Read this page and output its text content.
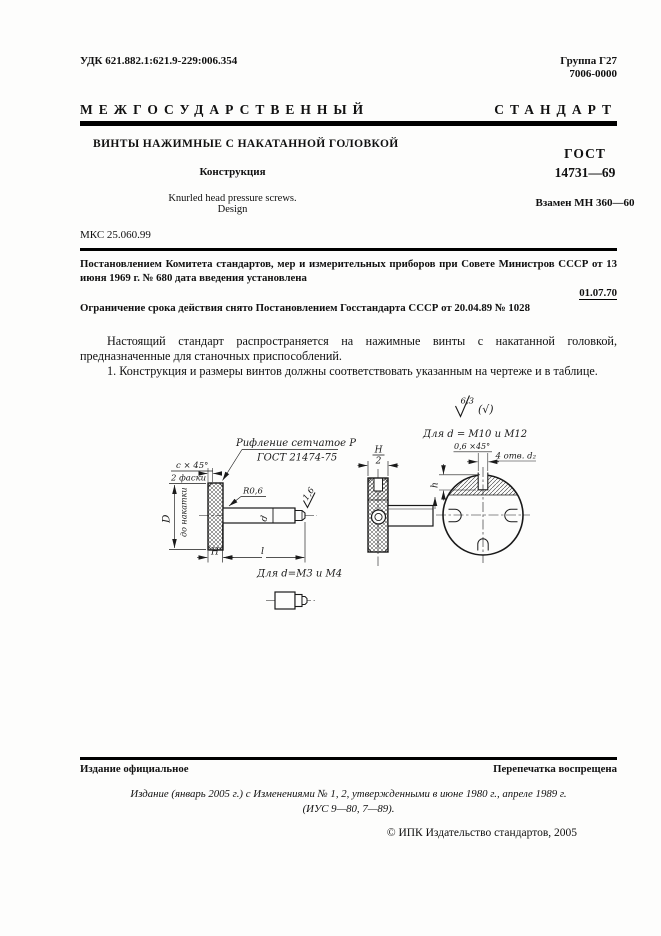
УДК 621.882.1:621.9-229:006.354	Группа Г27
7006-0000
МЕЖГОСУДАРСТВЕННЫЙ	СТАНДАРТ
ВИНТЫ НАЖИМНЫЕ С НАКАТАННОЙ ГОЛОВКОЙ
Конструкция
Knurled head pressure screws.
Design
ГОСТ
14731—69
Взамен МН 360—60
МКС 25.060.99

Постановлением Комитета стандартов, мер и измерительных приборов при Совете Министров СССР от 13 июня 1969 г. № 680 дата введения установлена

01.07.70

Ограничение срока действия снято Постановлением Госстандарта СССР от 20.04.89 № 1028

Настоящий стандарт распространяется на нажимные винты с накатанной головкой, предназначенные для станочных приспособлений.

1. Конструкция и размеры винтов должны соответствовать указанным на чертеже и в таблице.

D до накатки
с × 45°
2 фаски
Рифление сетчатое Р
ГОСТ 21474-75
R0,6	1,6
d
H	l
Для d=М3 и М4
H
2
h
0,6 ×45°
4 отв. d₂
Для d = М10 и М12
6,3
(√)
Издание официальное	Перепечатка воспрещена
Издание (январь 2005 г.) с Изменениями № 1, 2, утвержденными в июне 1980 г., апреле 1989 г.
(ИУС 9—80, 7—89).
© ИПК Издательство стандартов, 2005
